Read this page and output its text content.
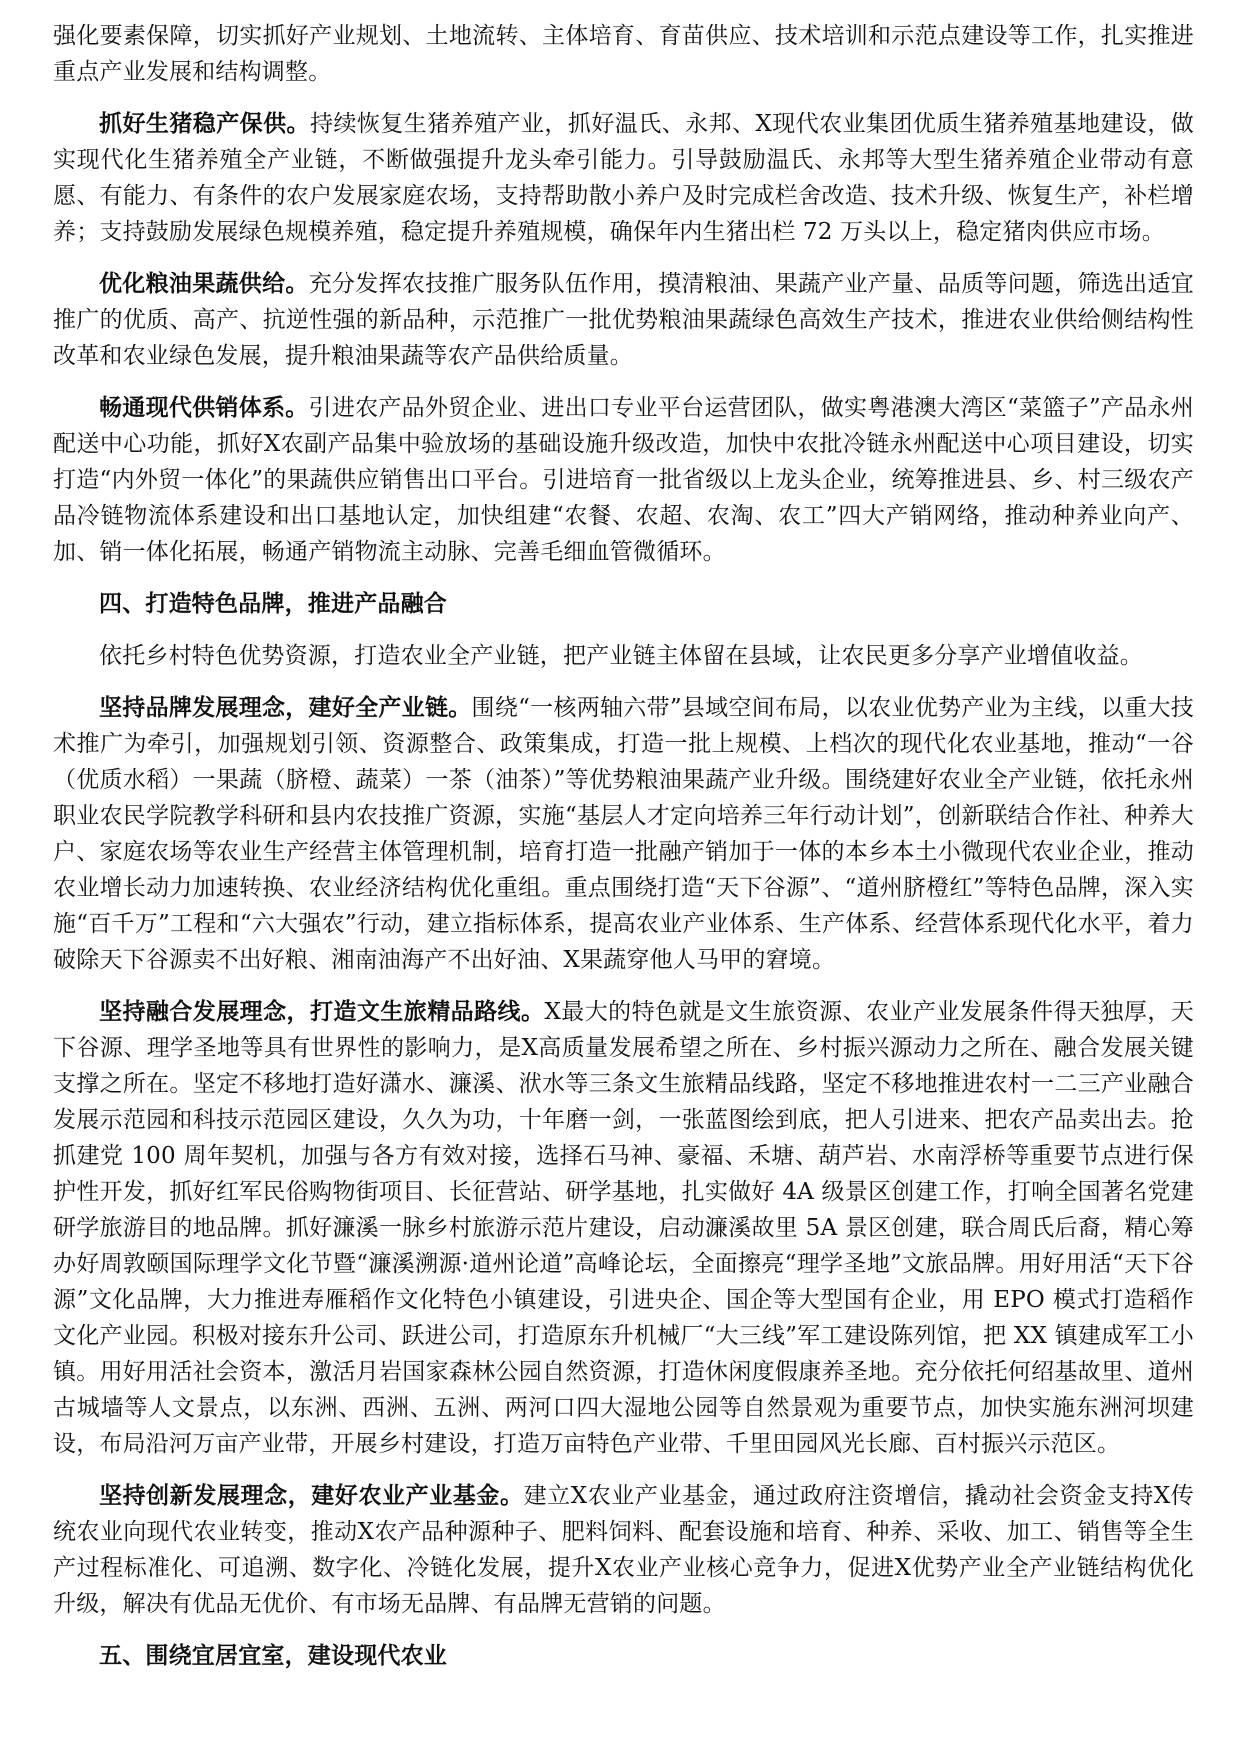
强化要素保障，切实抓好产业规划、土地流转、主体培育、育苗供应、技术培训和示范点建设等工作，扎实推进重点产业发展和结构调整。

抓好生猪稳产保供。持续恢复生猪养殖产业，抓好温氏、永邦、X现代农业集团优质生猪养殖基地建设，做实现代化生猪养殖全产业链，不断做强提升龙头牵引能力。引导鼓励温氏、永邦等大型生猪养殖企业带动有意愿、有能力、有条件的农户发展家庭农场，支持帮助散小养户及时完成栏舍改造、技术升级、恢复生产，补栏增养；支持鼓励发展绿色规模养殖，稳定提升养殖规模，确保年内生猪出栏 72 万头以上，稳定猪肉供应市场。

优化粮油果蔬供给。充分发挥农技推广服务队伍作用，摸清粮油、果蔬产业产量、品质等问题，筛选出适宜推广的优质、高产、抗逆性强的新品种，示范推广一批优势粮油果蔬绿色高效生产技术，推进农业供给侧结构性改革和农业绿色发展，提升粮油果蔬等农产品供给质量。

畅通现代供销体系。引进农产品外贸企业、进出口专业平台运营团队，做实粤港澳大湾区“菜篮子”产品永州配送中心功能，抓好X农副产品集中验放场的基础设施升级改造，加快中农批冷链永州配送中心项目建设，切实打造“内外贸一体化”的果蔬供应销售出口平台。引进培育一批省级以上龙头企业，统筹推进县、乡、村三级农产品冷链物流体系建设和出口基地认定，加快组建“农餐、农超、农淘、农工”四大产销网络，推动种养业向产、加、销一体化拓展，畅通产销物流主动脉、完善毛细血管微循环。

四、打造特色品牌，推进产品融合

依托乡村特色优势资源，打造农业全产业链，把产业链主体留在县域，让农民更多分享产业增值收益。

坚持品牌发展理念，建好全产业链。围绕“一核两轴六带”县域空间布局，以农业优势产业为主线，以重大技术推广为牵引，加强规划引领、资源整合、政策集成，打造一批上规模、上档次的现代化农业基地，推动“一谷（优质水稻）一果蔬（脐橙、蔬菜）一茶（油茶）”等优势粮油果蔬产业升级。围绕建好农业全产业链，依托永州职业农民学院教学科研和县内农技推广资源，实施“基层人才定向培养三年行动计划”，创新联结合作社、种养大户、家庭农场等农业生产经营主体管理机制，培育打造一批融产销加于一体的本乡本土小微现代农业企业，推动农业增长动力加速转换、农业经济结构优化重组。重点围绕打造“天下谷源”、“道州脐橙红”等特色品牌，深入实施“百千万”工程和“六大强农”行动，建立指标体系，提高农业产业体系、生产体系、经营体系现代化水平，着力破除天下谷源卖不出好粮、湘南油海产不出好油、X果蔬穿他人马甲的窘境。

坚持融合发展理念，打造文生旅精品路线。X最大的特色就是文生旅资源、农业产业发展条件得天独厚，天下谷源、理学圣地等具有世界性的影响力，是X高质量发展希望之所在、乡村振兴源动力之所在、融合发展关键支撑之所在。坚定不移地打造好潇水、濂溪、洑水等三条文生旅精品线路，坚定不移地推进农村一二三产业融合发展示范园和科技示范园区建设，久久为功，十年磨一剑，一张蓝图绘到底，把人引进来、把农产品卖出去。抢抓建党 100 周年契机，加强与各方有效对接，选择石马神、豪福、禾塘、葫芦岩、水南浮桥等重要节点进行保护性开发，抓好红军民俗购物街项目、长征营站、研学基地，扎实做好 4A 级景区创建工作，打响全国著名党建研学旅游目的地品牌。抓好濂溪一脉乡村旅游示范片建设，启动濂溪故里 5A 景区创建，联合周氏后裔，精心筹办好周敦颐国际理学文化节暨“濂溪溯源·道州论道”高峰论坛，全面擦亮“理学圣地”文旅品牌。用好用活“天下谷源”文化品牌，大力推进寿雁稻作文化特色小镇建设，引进央企、国企等大型国有企业，用 EPO 模式打造稻作文化产业园。积极对接东升公司、跃进公司，打造原东升机械厂“大三线”军工建设陈列馆，把 XX 镇建成军工小镇。用好用活社会资本，激活月岩国家森林公园自然资源，打造休闲度假康养圣地。充分依托何绍基故里、道州古城墙等人文景点，以东洲、西洲、五洲、两河口四大湿地公园等自然景观为重要节点，加快实施东洲河坝建设，布局沿河万亩产业带，开展乡村建设，打造万亩特色产业带、千里田园风光长廊、百村振兴示范区。

坚持创新发展理念，建好农业产业基金。建立X农业产业基金，通过政府注资增信，撬动社会资金支持X传统农业向现代农业转变，推动X农产品种源种子、肥料饲料、配套设施和培育、种养、采收、加工、销售等全生产过程标准化、可追溯、数字化、冷链化发展，提升X农业产业核心竞争力，促进X优势产业全产业链结构优化升级，解决有优品无优价、有市场无品牌、有品牌无营销的问题。

五、围绕宜居宜室，建设现代农业
